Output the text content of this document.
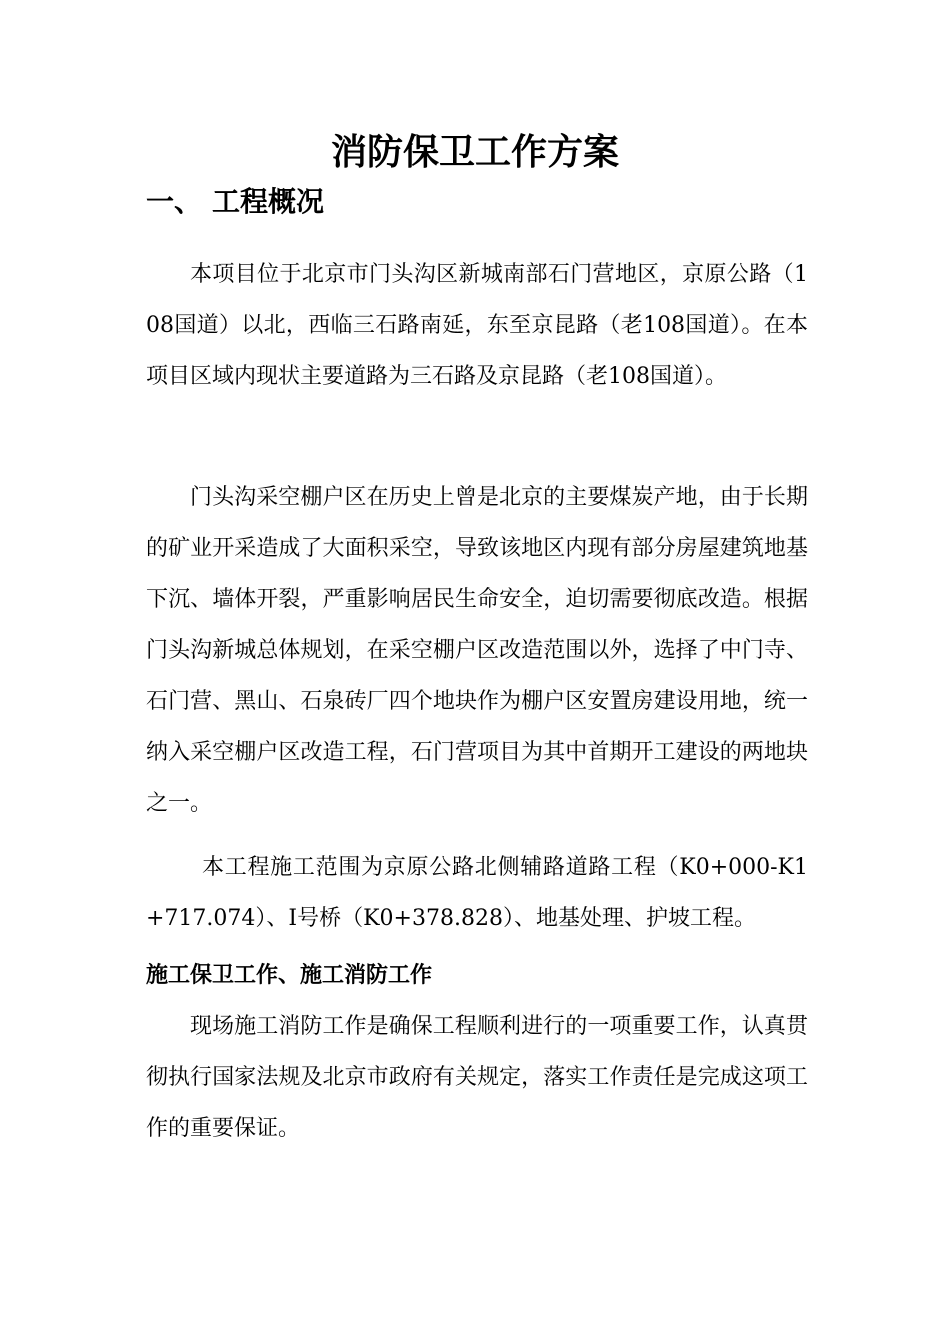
消防保卫工作方案
一、 工程概况

本项目位于北京市门头沟区新城南部石门营地区，京原公路（108国道）以北，西临三石路南延，东至京昆路（老108国道）。在本项目区域内现状主要道路为三石路及京昆路（老108国道）。

门头沟采空棚户区在历史上曾是北京的主要煤炭产地，由于长期的矿业开采造成了大面积采空，导致该地区内现有部分房屋建筑地基下沉、墙体开裂，严重影响居民生命安全，迫切需要彻底改造。根据门头沟新城总体规划，在采空棚户区改造范围以外，选择了中门寺、石门营、黑山、石泉砖厂四个地块作为棚户区安置房建设用地，统一纳入采空棚户区改造工程，石门营项目为其中首期开工建设的两地块之一。

本工程施工范围为京原公路北侧辅路道路工程（K0+000-K1+717.074）、I号桥（K0+378.828）、地基处理、护坡工程。

施工保卫工作、施工消防工作

现场施工消防工作是确保工程顺利进行的一项重要工作，认真贯彻执行国家法规及北京市政府有关规定，落实工作责任是完成这项工作的重要保证。
